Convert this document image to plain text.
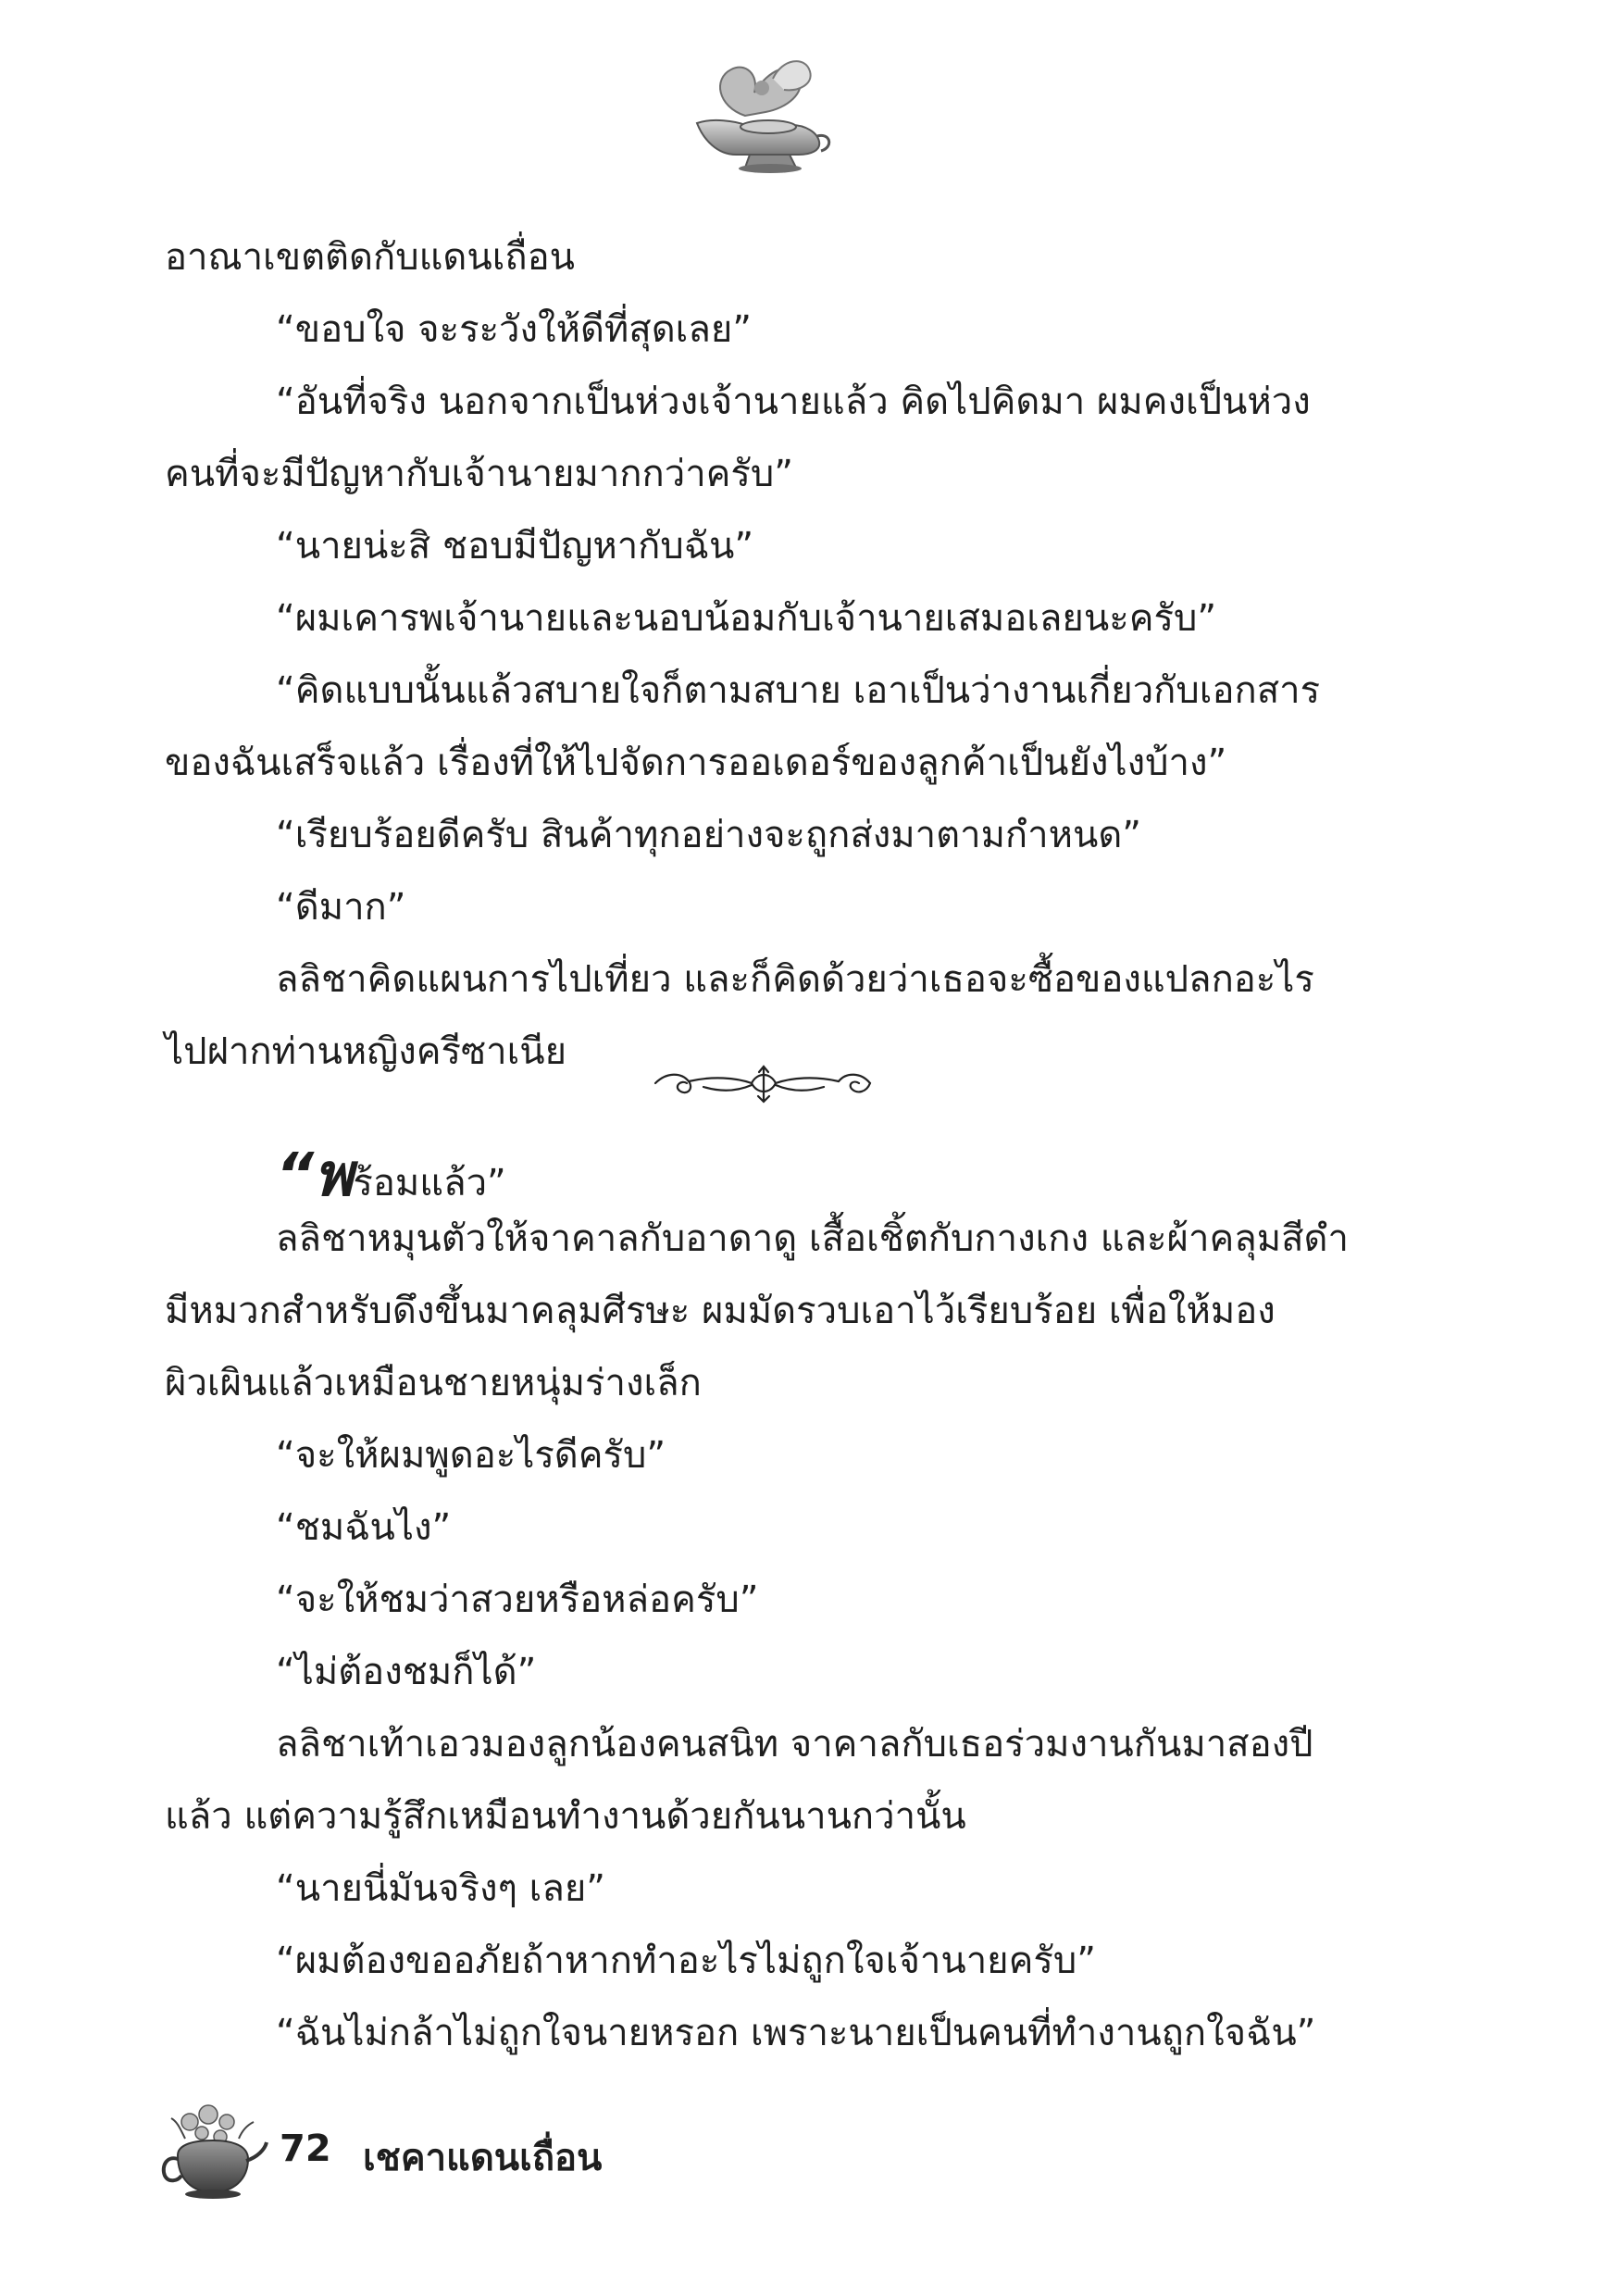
อาณาเขตติดกับแดนเถื่อน
“ขอบใจ จะระวังให้ดีที่สุดเลย”
“อันที่จริง นอกจากเป็นห่วงเจ้านายแล้ว คิดไปคิดมา ผมคงเป็นห่วง
คนที่จะมีปัญหากับเจ้านายมากกว่าครับ”
“นายน่ะสิ ชอบมีปัญหากับฉัน”
“ผมเคารพเจ้านายและนอบน้อมกับเจ้านายเสมอเลยนะครับ”
“คิดแบบนั้นแล้วสบายใจก็ตามสบาย เอาเป็นว่างานเกี่ยวกับเอกสาร
ของฉันเสร็จแล้ว เรื่องที่ให้ไปจัดการออเดอร์ของลูกค้าเป็นยังไงบ้าง”
“เรียบร้อยดีครับ สินค้าทุกอย่างจะถูกส่งมาตามกำหนด”
“ดีมาก”
ลลิชาคิดแผนการไปเที่ยว และก็คิดด้วยว่าเธอจะซื้อของแปลกอะไร
ไปฝากท่านหญิงครีซาเนีย
“พร้อมแล้ว”
ลลิชาหมุนตัวให้จาคาลกับอาดาดู เสื้อเชิ้ตกับกางเกง และผ้าคลุมสีดำ
มีหมวกสำหรับดึงขึ้นมาคลุมศีรษะ ผมมัดรวบเอาไว้เรียบร้อย เพื่อให้มอง
ผิวเผินแล้วเหมือนชายหนุ่มร่างเล็ก
“จะให้ผมพูดอะไรดีครับ”
“ชมฉันไง”
“จะให้ชมว่าสวยหรือหล่อครับ”
“ไม่ต้องชมก็ได้”
ลลิชาเท้าเอวมองลูกน้องคนสนิท จาคาลกับเธอร่วมงานกันมาสองปี
แล้ว แต่ความรู้สึกเหมือนทำงานด้วยกันนานกว่านั้น
“นายนี่มันจริงๆ เลย”
“ผมต้องขออภัยถ้าหากทำอะไรไม่ถูกใจเจ้านายครับ”
“ฉันไม่กล้าไม่ถูกใจนายหรอก เพราะนายเป็นคนที่ทำงานถูกใจฉัน”
72 เชคาแดนเถื่อน
